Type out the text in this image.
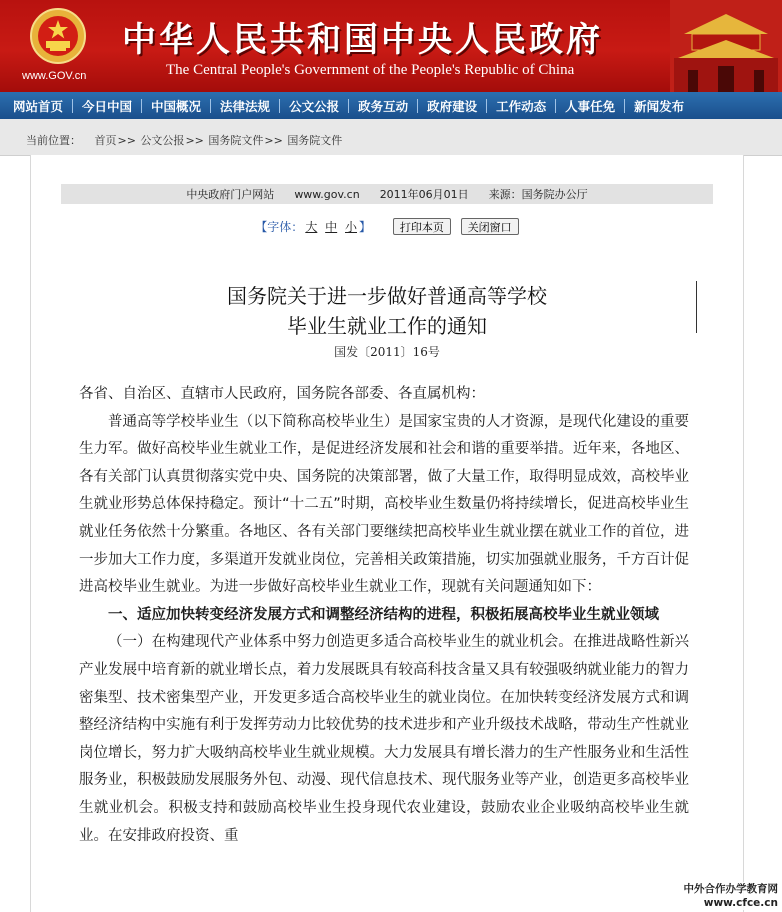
www.GOV.cn
中华人民共和国中央人民政府
The Central People's Government of the People's Republic of China
网站首页	今日中国	中国概况	法律法规	公文公报	政务互动	政府建设	工作动态	人事任免	新闻发布
当前位置： 首页>> 公文公报>> 国务院文件>> 国务院文件
中央政府门户网站 www.gov.cn 2011年06月01日 来源：国务院办公厅
【字体： 大 中 小 】	打印本页 关闭窗口
国务院关于进一步做好普通高等学校
毕业生就业工作的通知
国发〔2011〕16号

各省、自治区、直辖市人民政府，国务院各部委、各直属机构：

普通高等学校毕业生（以下简称高校毕业生）是国家宝贵的人才资源，是现代化建设的重要生力军。做好高校毕业生就业工作，是促进经济发展和社会和谐的重要举措。近年来，各地区、各有关部门认真贯彻落实党中央、国务院的决策部署，做了大量工作，取得明显成效，高校毕业生就业形势总体保持稳定。预计“十二五”时期，高校毕业生数量仍将持续增长，促进高校毕业生就业任务依然十分繁重。各地区、各有关部门要继续把高校毕业生就业摆在就业工作的首位，进一步加大工作力度，多渠道开发就业岗位，完善相关政策措施，切实加强就业服务，千方百计促进高校毕业生就业。为进一步做好高校毕业生就业工作，现就有关问题通知如下：

一、适应加快转变经济发展方式和调整经济结构的进程，积极拓展高校毕业生就业领域

（一）在构建现代产业体系中努力创造更多适合高校毕业生的就业机会。在推进战略性新兴产业发展中培育新的就业增长点，着力发展既具有较高科技含量又具有较强吸纳就业能力的智力密集型、技术密集型产业，开发更多适合高校毕业生的就业岗位。在加快转变经济发展方式和调整经济结构中实施有利于发挥劳动力比较优势的技术进步和产业升级技术战略，带动生产性就业岗位增长，努力扩大吸纳高校毕业生就业规模。大力发展具有增长潜力的生产性服务业和生活性服务业，积极鼓励发展服务外包、动漫、现代信息技术、现代服务业等产业，创造更多高校毕业生就业机会。积极支持和鼓励高校毕业生投身现代农业建设，鼓励农业企业吸纳高校毕业生就业。在安排政府投资、重

中外合作办学教育网
www.cfce.cn
